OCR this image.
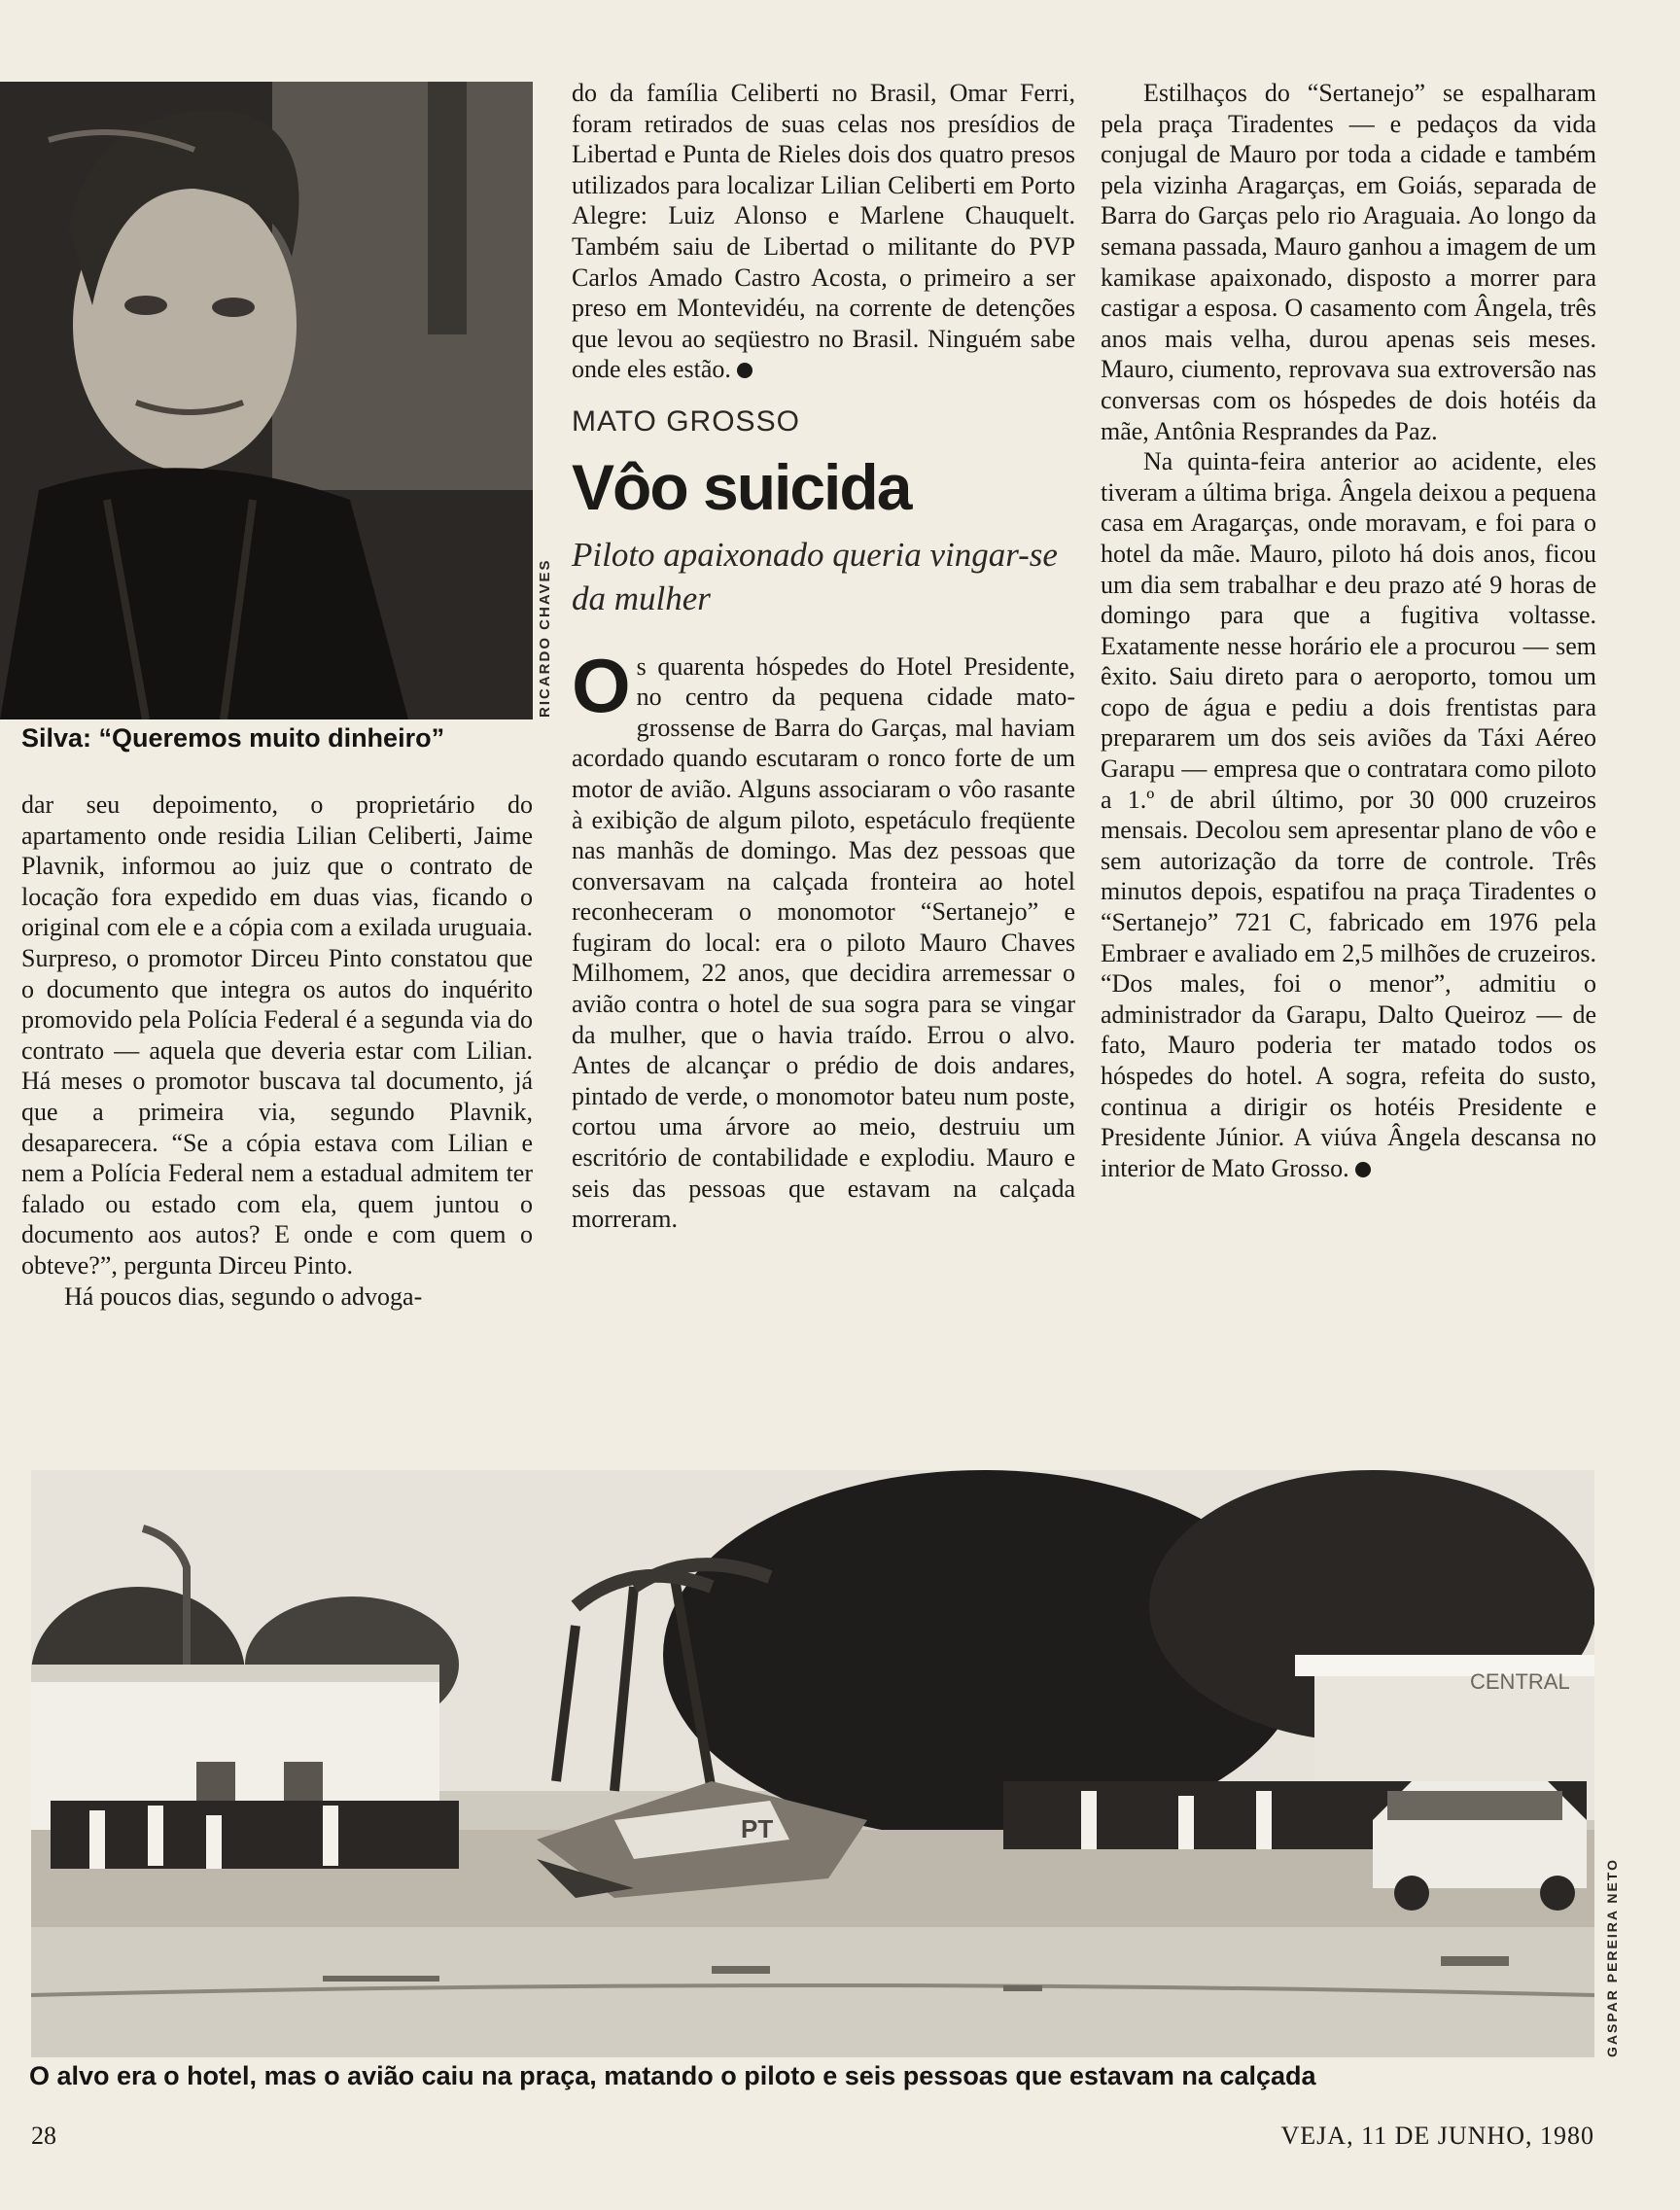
RICARDO CHAVES
Silva: “Queremos muito dinheiro”

dar seu depoimento, o proprietário do apartamento onde residia Lilian Celiberti, Jaime Plavnik, informou ao juiz que o contrato de locação fora expedido em duas vias, ficando o original com ele e a cópia com a exilada uruguaia. Surpreso, o promotor Dirceu Pinto constatou que o documento que integra os autos do inquérito promovido pela Polícia Federal é a segunda via do contrato — aquela que deveria estar com Lilian. Há meses o promotor buscava tal documento, já que a primeira via, segundo Plavnik, desaparecera. “Se a cópia estava com Lilian e nem a Polícia Federal nem a estadual admitem ter falado ou estado com ela, quem juntou o documento aos autos? E onde e com quem o obteve?”, pergunta Dirceu Pinto.

Há poucos dias, segundo o advoga-

do da família Celiberti no Brasil, Omar Ferri, foram retirados de suas celas nos presídios de Libertad e Punta de Rieles dois dos quatro presos utilizados para localizar Lilian Celiberti em Porto Alegre: Luiz Alonso e Marlene Chauquelt. Também saiu de Libertad o militante do PVP Carlos Amado Castro Acosta, o primeiro a ser preso em Montevidéu, na corrente de detenções que levou ao seqüestro no Brasil. Ninguém sabe onde eles estão.

MATO GROSSO
Vôo suicida
Piloto apaixonado queria vingar-se da mulher

Os quarenta hóspedes do Hotel Presidente, no centro da pequena cidade mato-grossense de Barra do Garças, mal haviam acordado quando escutaram o ronco forte de um motor de avião. Alguns associaram o vôo rasante à exibição de algum piloto, espetáculo freqüente nas manhãs de domingo. Mas dez pessoas que conversavam na calçada fronteira ao hotel reconheceram o monomotor “Sertanejo” e fugiram do local: era o piloto Mauro Chaves Milhomem, 22 anos, que decidira arremessar o avião contra o hotel de sua sogra para se vingar da mulher, que o havia traído. Errou o alvo. Antes de alcançar o prédio de dois andares, pintado de verde, o monomotor bateu num poste, cortou uma árvore ao meio, destruiu um escritório de contabilidade e explodiu. Mauro e seis das pessoas que estavam na calçada morreram.

Estilhaços do “Sertanejo” se espalharam pela praça Tiradentes — e pedaços da vida conjugal de Mauro por toda a cidade e também pela vizinha Aragarças, em Goiás, separada de Barra do Garças pelo rio Araguaia. Ao longo da semana passada, Mauro ganhou a imagem de um kamikase apaixonado, disposto a morrer para castigar a esposa. O casamento com Ângela, três anos mais velha, durou apenas seis meses. Mauro, ciumento, reprovava sua extroversão nas conversas com os hóspedes de dois hotéis da mãe, Antônia Resprandes da Paz.

Na quinta-feira anterior ao acidente, eles tiveram a última briga. Ângela deixou a pequena casa em Aragarças, onde moravam, e foi para o hotel da mãe. Mauro, piloto há dois anos, ficou um dia sem trabalhar e deu prazo até 9 horas de domingo para que a fugitiva voltasse. Exatamente nesse horário ele a procurou — sem êxito. Saiu direto para o aeroporto, tomou um copo de água e pediu a dois frentistas para prepararem um dos seis aviões da Táxi Aéreo Garapu — empresa que o contratara como piloto a 1.º de abril último, por 30 000 cruzeiros mensais. Decolou sem apresentar plano de vôo e sem autorização da torre de controle. Três minutos depois, espatifou na praça Tiradentes o “Sertanejo” 721 C, fabricado em 1976 pela Embraer e avaliado em 2,5 milhões de cruzeiros. “Dos males, foi o menor”, admitiu o administrador da Garapu, Dalto Queiroz — de fato, Mauro poderia ter matado todos os hóspedes do hotel. A sogra, refeita do susto, continua a dirigir os hotéis Presidente e Presidente Júnior. A viúva Ângela descansa no interior de Mato Grosso.

CENTRAL
PT
GASPAR PEREIRA NETO
O alvo era o hotel, mas o avião caiu na praça, matando o piloto e seis pessoas que estavam na calçada
28	VEJA, 11 DE JUNHO, 1980
